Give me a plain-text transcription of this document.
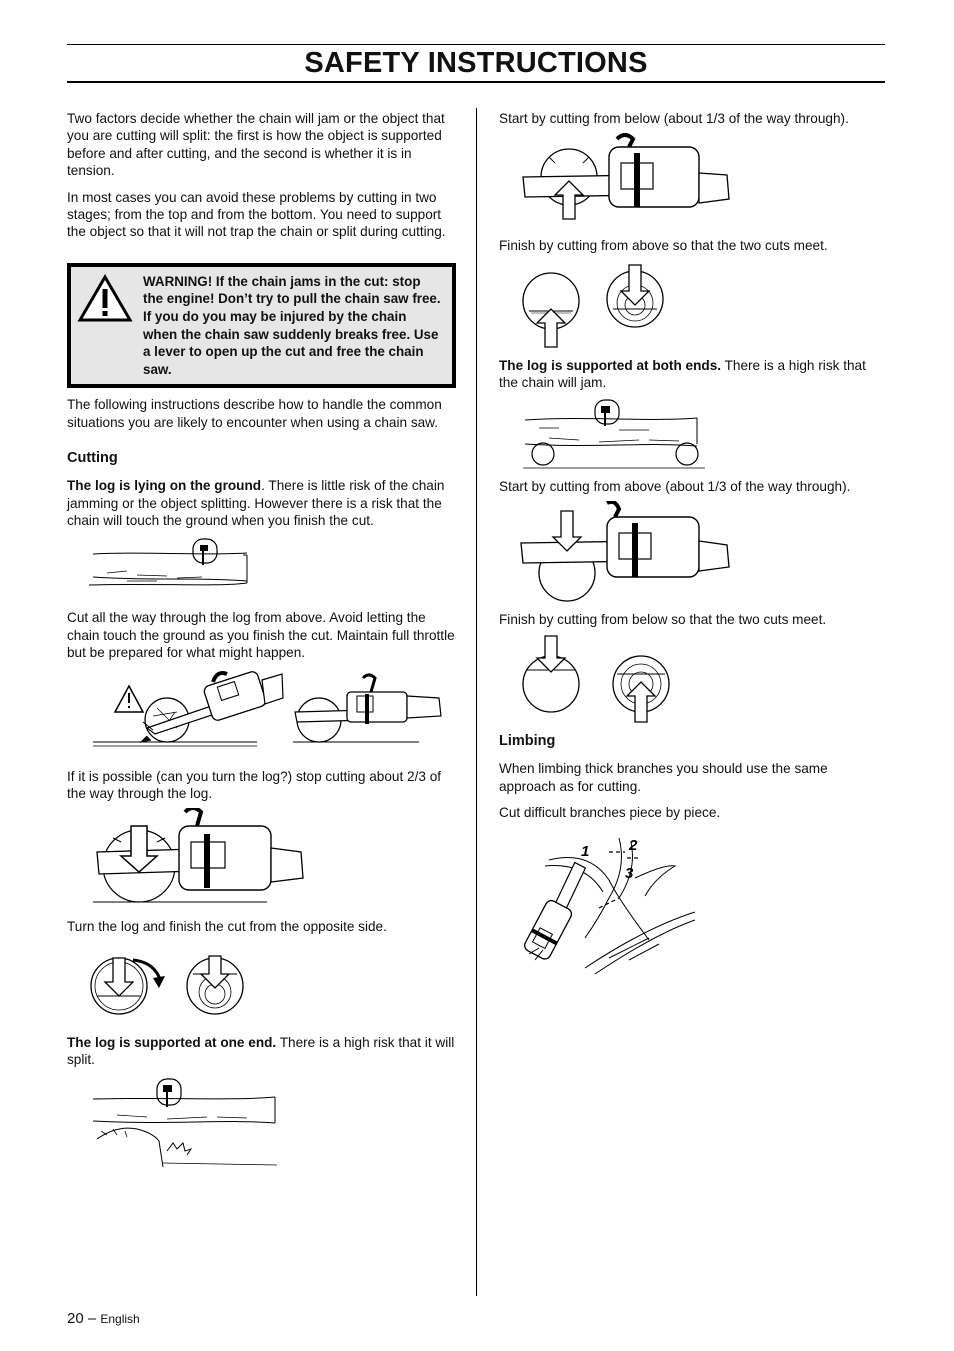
SAFETY INSTRUCTIONS

Two factors decide whether the chain will jam or the object that you are cutting will split: the first is how the object is supported before and after cutting, and the second is whether it is in tension.

In most cases you can avoid these problems by cutting in two stages; from the top and from the bottom. You need to support the object so that it will not trap the chain or split during cutting.

WARNING! If the chain jams in the cut: stop the engine! Don’t try to pull the chain saw free. If you do you may be injured by the chain when the chain saw suddenly breaks free. Use a lever to open up the cut and free the chain saw.

The following instructions describe how to handle the common situations you are likely to encounter when using a chain saw.

Cutting

The log is lying on the ground. There is little risk of the chain jamming or the object splitting. However there is a risk that the chain will touch the ground when you finish the cut.

Cut all the way through the log from above. Avoid letting the chain touch the ground as you finish the cut. Maintain full throttle but be prepared for what might happen.

If it is possible (can you turn the log?) stop cutting about 2/3 of the way through the log.

Turn the log and finish the cut from the opposite side.

The log is supported at one end. There is a high risk that it will split.

Start by cutting from below (about 1/3 of the way through).

Finish by cutting from above so that the two cuts meet.

The log is supported at both ends. There is a high risk that the chain will jam.

Start by cutting from above (about 1/3 of the way through).

Finish by cutting from below so that the two cuts meet.

Limbing

When limbing thick branches you should use the same approach as for cutting.

Cut difficult branches piece by piece.

1	2
3
20 – English
